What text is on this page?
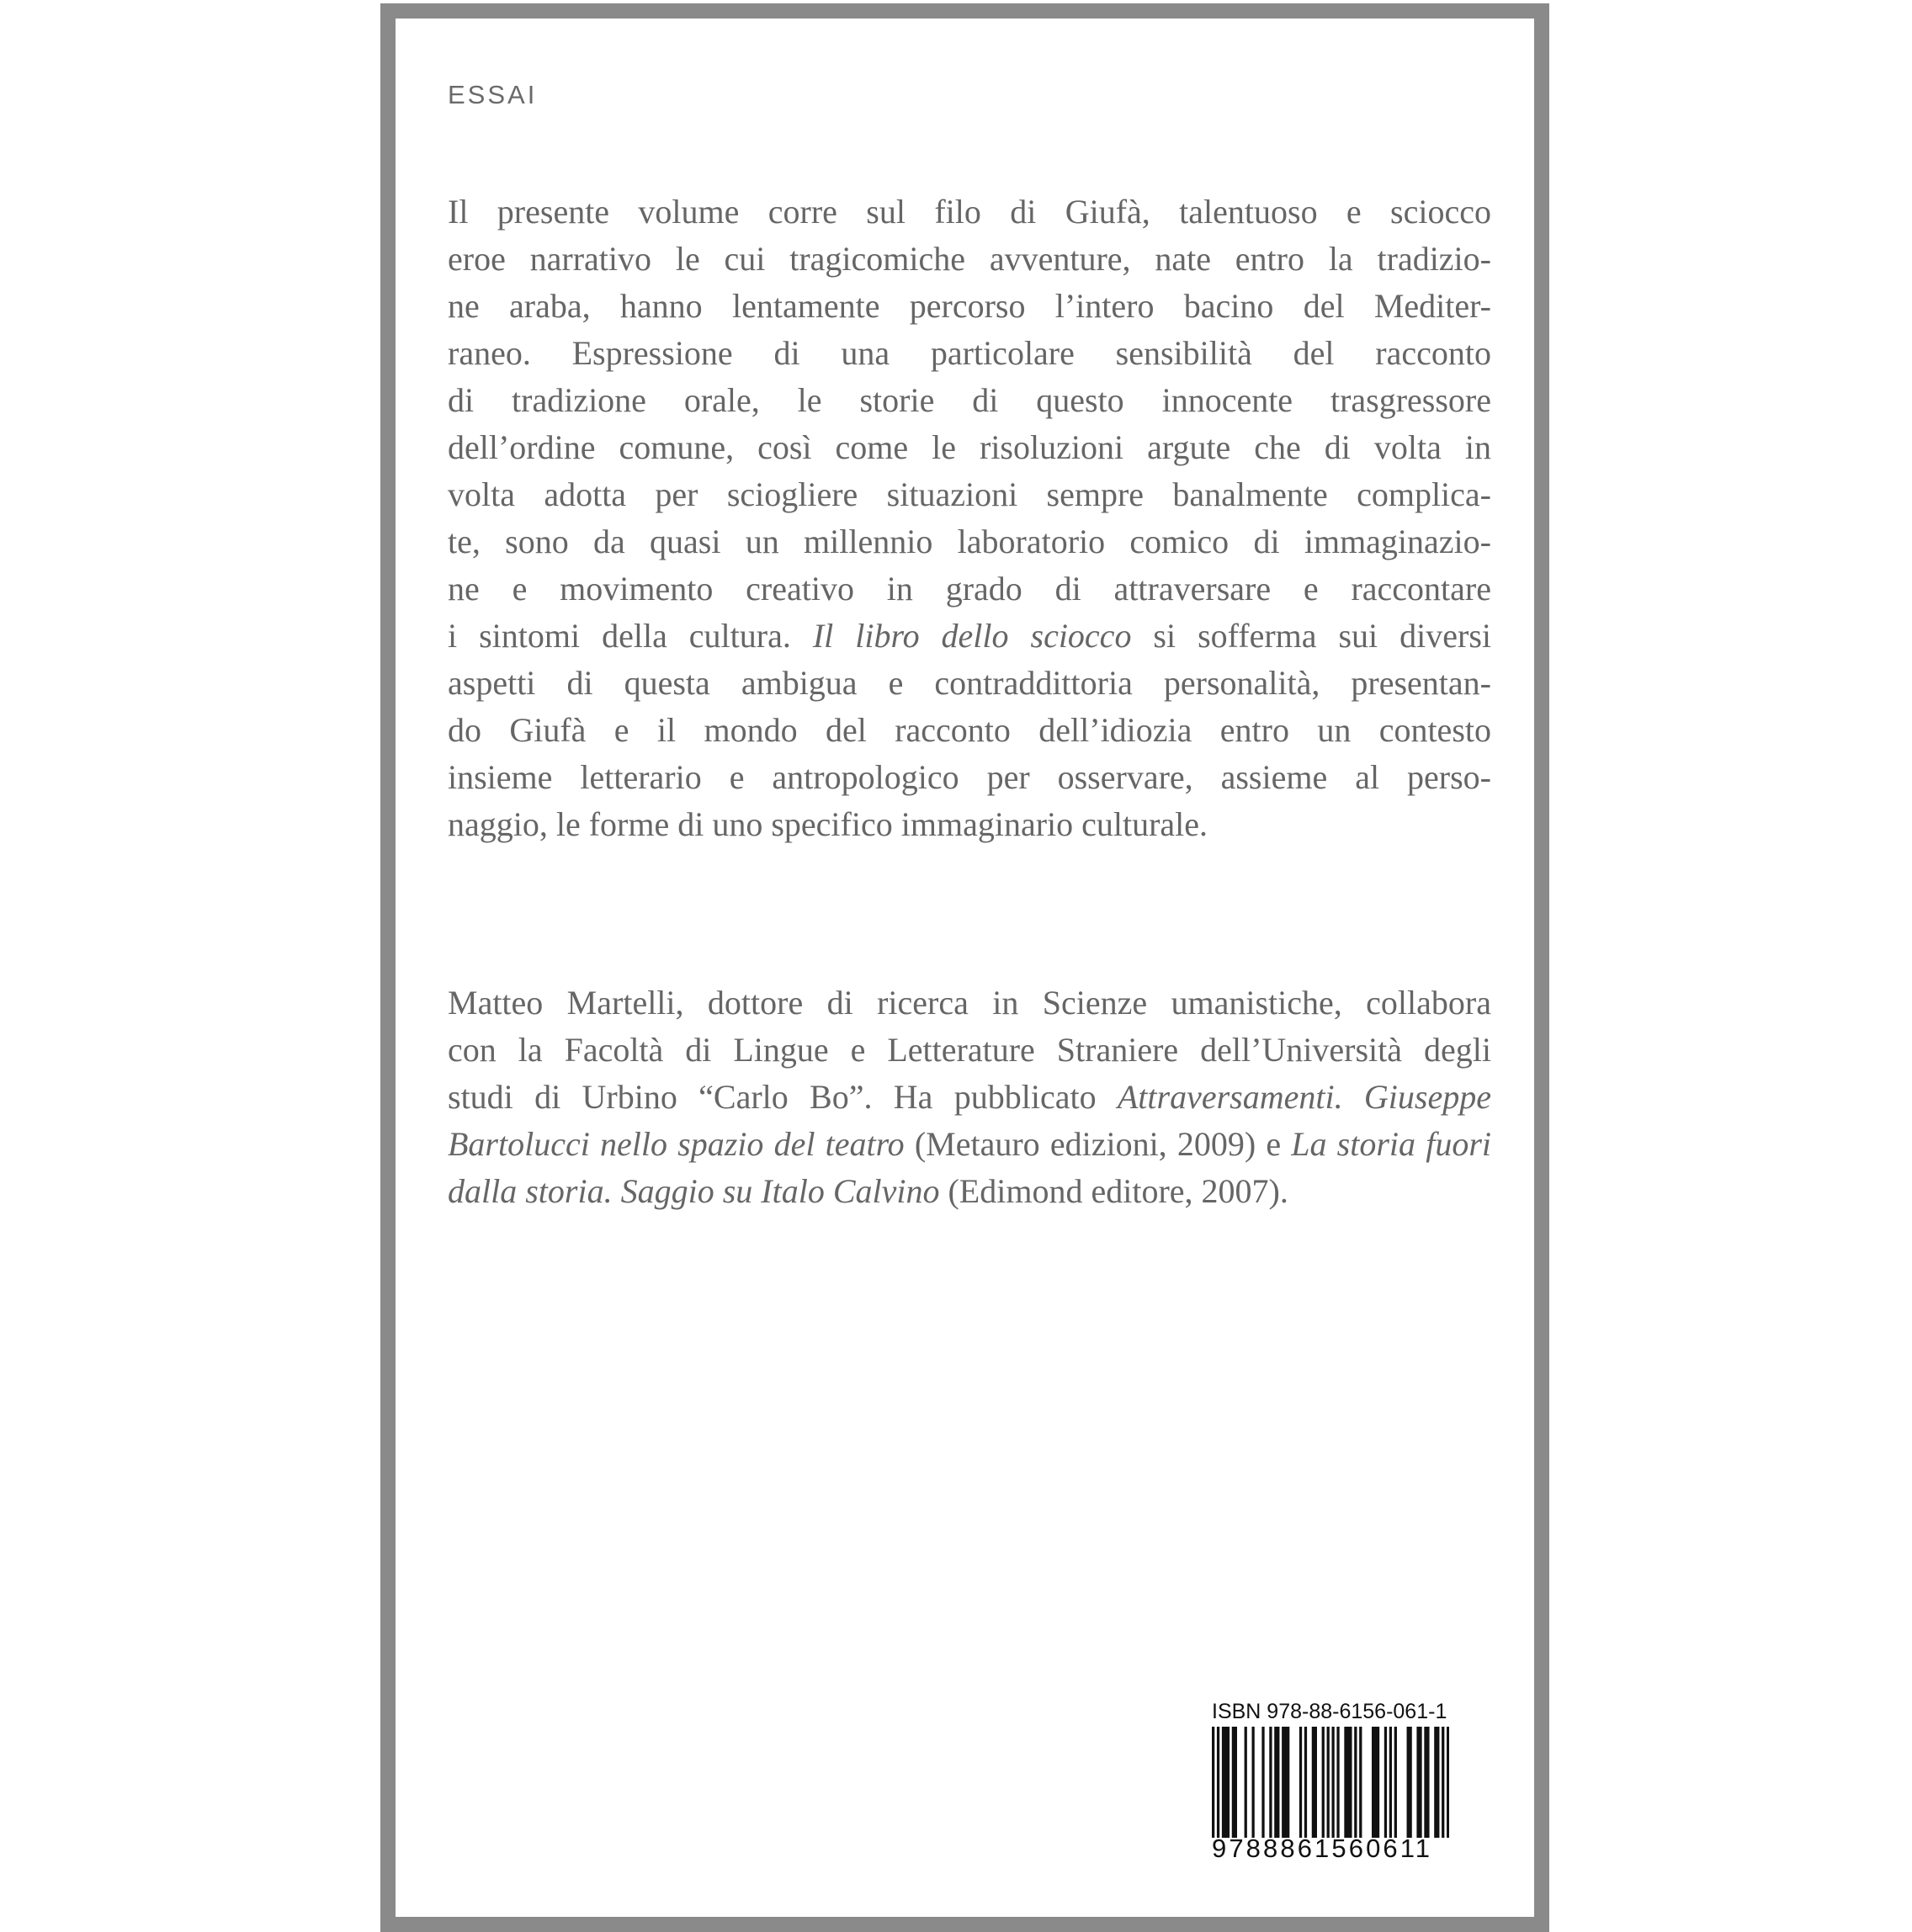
ESSAI
Il presente volume corre sul filo di Giufà, talentuoso e sciocco
eroe narrativo le cui tragicomiche avventure, nate entro la tradizio-
ne araba, hanno lentamente percorso l’intero bacino del Mediter-
raneo. Espressione di una particolare sensibilità del racconto
di tradizione orale, le storie di questo innocente trasgressore
dell’ordine comune, così come le risoluzioni argute che di volta in
volta adotta per sciogliere situazioni sempre banalmente complica-
te, sono da quasi un millennio laboratorio comico di immaginazio-
ne e movimento creativo in grado di attraversare e raccontare
i sintomi della cultura. Il libro dello sciocco si sofferma sui diversi
aspetti di questa ambigua e contraddittoria personalità, presentan-
do Giufà e il mondo del racconto dell’idiozia entro un contesto
insieme letterario e antropologico per osservare, assieme al perso-
naggio, le forme di uno specifico immaginario culturale.
Matteo Martelli, dottore di ricerca in Scienze umanistiche, collabora
con la Facoltà di Lingue e Letterature Straniere dell’Università degli
studi di Urbino “Carlo Bo”. Ha pubblicato Attraversamenti. Giuseppe
Bartolucci nello spazio del teatro (Metauro edizioni, 2009) e La storia fuori
dalla storia. Saggio su Italo Calvino (Edimond editore, 2007).
ISBN 978-88-6156-061-1
9788861560611
